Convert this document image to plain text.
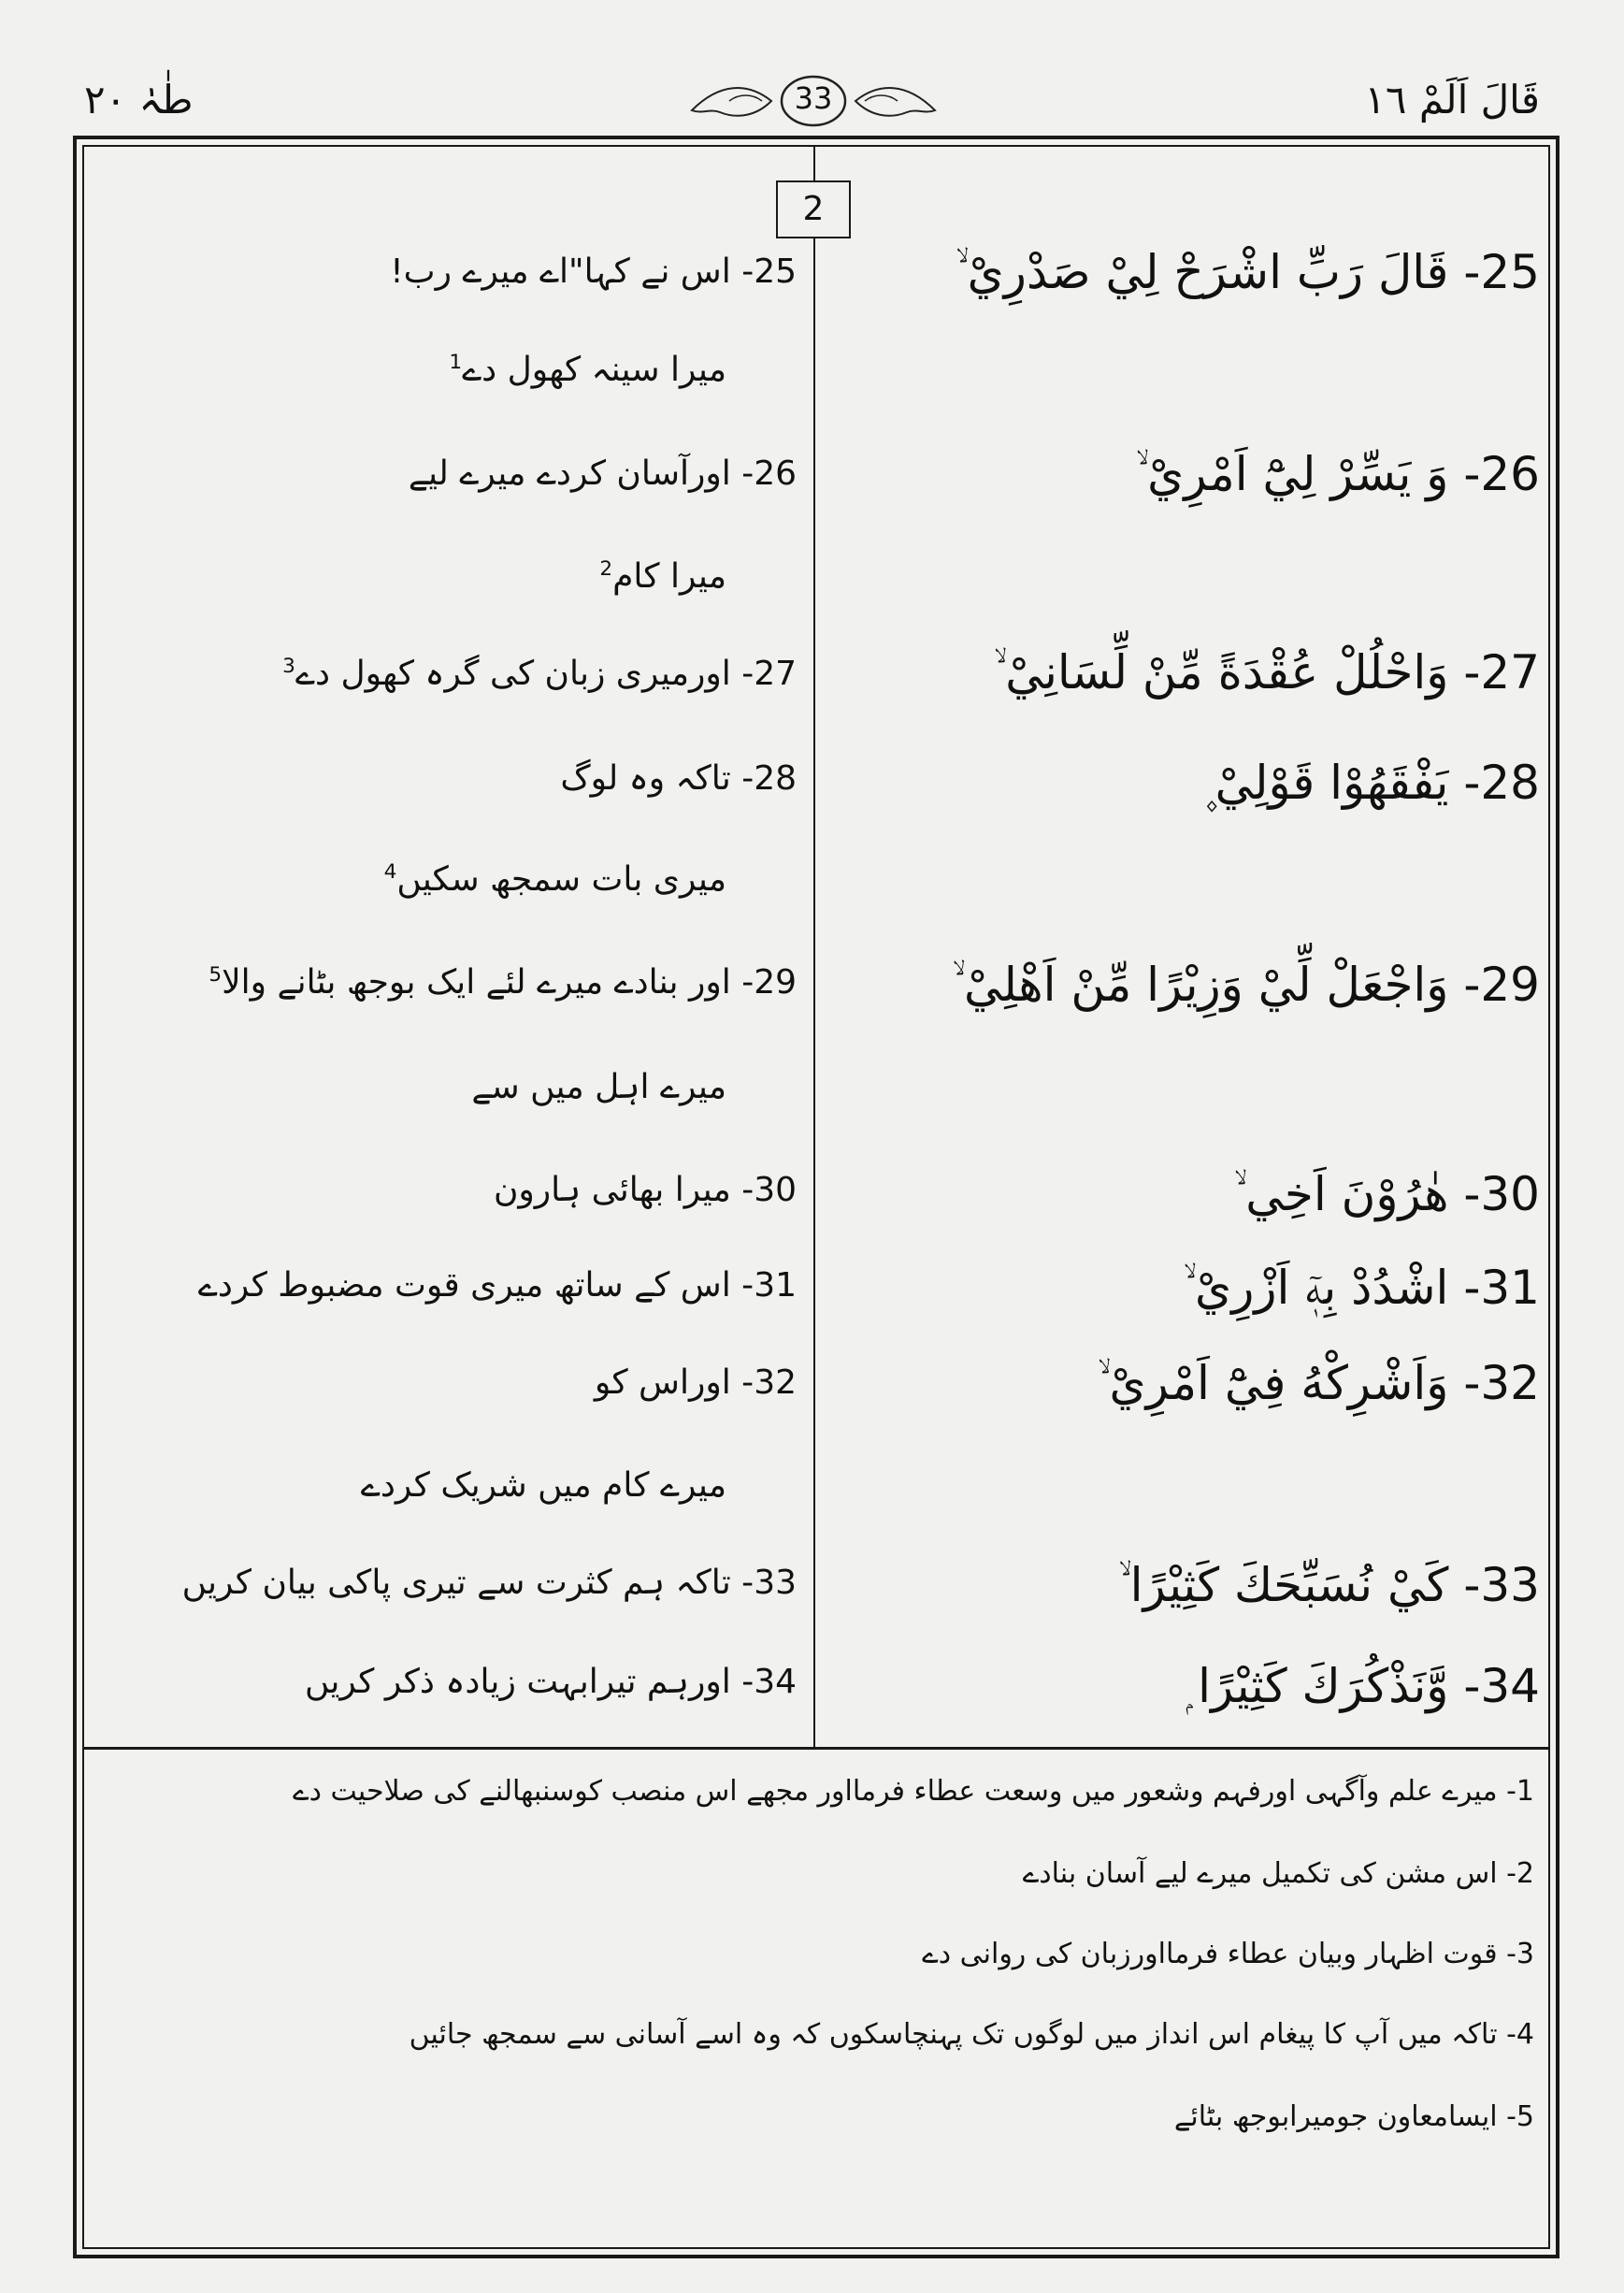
طٰہٰ ٢٠	33	قَالَ اَلَمْ ١٦
2
25- قَالَ رَبِّ اشْرَحْ لِيْ صَدْرِيْ ۙ
26- وَ يَسِّرْ لِيْٓ اَمْرِيْ ۙ
27- وَاحْلُلْ عُقْدَةً مِّنْ لِّسَانِيْ ۙ
28- يَفْقَهُوْا قَوْلِيْ ۪
29- وَاجْعَلْ لِّيْ وَزِيْرًا مِّنْ اَهْلِيْ ۙ
30- هٰرُوْنَ اَخِي ۙ
31- اشْدُدْ بِهٖٓ اَزْرِيْ ۙ
32- وَاَشْرِكْهُ فِيْٓ اَمْرِيْ ۙ
33- كَيْ نُسَبِّحَكَ كَثِيْرًا ۙ
34- وَّنَذْكُرَكَ كَثِيْرًا ۭ
25- اس نے کہا"اے میرے رب!
میرا سینہ کھول دے$^1$
26- اورآسان کردے میرے لیے
میرا کام$^2$
27- اورمیری زبان کی گرہ کھول دے$^3$
28- تاکہ وہ لوگ
میری بات سمجھ سکیں$^4$
29- اور بنادے میرے لئے ایک بوجھ بٹانے والا$^5$
میرے اہل میں سے
30- میرا بھائی ہارون
31- اس کے ساتھ میری قوت مضبوط کردے
32- اوراس کو
میرے کام میں شریک کردے
33- تاکہ ہم کثرت سے تیری پاکی بیان کریں
34- اورہم تیرابہت زیادہ ذکر کریں
1- میرے علم وآگہی اورفہم وشعور میں وسعت عطاء فرمااور مجھے اس منصب کوسنبھالنے کی صلاحیت دے
2- اس مشن کی تکمیل میرے لیے آسان بنادے
3- قوت اظہار وبیان عطاء فرمااورزبان کی روانی دے
4- تاکہ میں آپ کا پیغام اس انداز میں لوگوں تک پہنچاسکوں کہ وہ اسے آسانی سے سمجھ جائیں
5- ایسامعاون جومیرابوجھ بٹائے
